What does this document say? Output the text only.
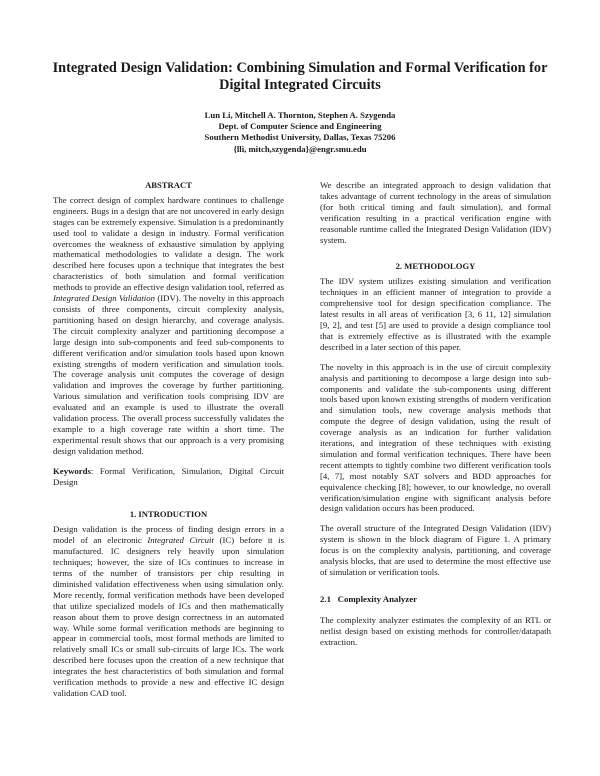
Integrated Design Validation: Combining Simulation and Formal Verification for Digital Integrated Circuits
Lun Li, Mitchell A. Thornton, Stephen A. Szygenda
Dept. of Computer Science and Engineering
Southern Methodist University, Dallas, Texas 75206
{lli, mitch,szygenda}@engr.smu.edu
ABSTRACT

The correct design of complex hardware continues to challenge engineers. Bugs in a design that are not uncovered in early design stages can be extremely expensive. Simulation is a predominantly used tool to validate a design in industry. Formal verification overcomes the weakness of exhaustive simulation by applying mathematical methodologies to validate a design. The work described here focuses upon a technique that integrates the best characteristics of both simulation and formal verification methods to provide an effective design validation tool, referred as Integrated Design Validation (IDV). The novelty in this approach consists of three components, circuit complexity analysis, partitioning based on design hierarchy, and coverage analysis. The circuit complexity analyzer and partitioning decompose a large design into sub-components and feed sub-components to different verification and/or simulation tools based upon known existing strengths of modern verification and simulation tools. The coverage analysis unit computes the coverage of design validation and improves the coverage by further partitioning. Various simulation and verification tools comprising IDV are evaluated and an example is used to illustrate the overall validation process. The overall process successfully validates the example to a high coverage rate within a short time. The experimental result shows that our approach is a very promising design validation method.

Keywords: Formal Verification, Simulation, Digital Circuit Design

1. INTRODUCTION

Design validation is the process of finding design errors in a model of an electronic Integrated Circuit (IC) before it is manufactured. IC designers rely heavily upon simulation techniques; however, the size of ICs continues to increase in terms of the number of transistors per chip resulting in diminished validation effectiveness when using simulation only. More recently, formal verification methods have been developed that utilize specialized models of ICs and then mathematically reason about them to prove design correctness in an automated way. While some formal verification methods are beginning to appear in commercial tools, most formal methods are limited to relatively small ICs or small sub-circuits of large ICs. The work described here focuses upon the creation of a new technique that integrates the best characteristics of both simulation and formal verification methods to provide a new and effective IC design validation CAD tool.

We describe an integrated approach to design validation that takes advantage of current technology in the areas of simulation (for both critical timing and fault simulation), and formal verification resulting in a practical verification engine with reasonable runtime called the Integrated Design Validation (IDV) system.

2. METHODOLOGY

The IDV system utilizes existing simulation and verification techniques in an efficient manner of integration to provide a comprehensive tool for design specification compliance. The latest results in all areas of verification [3, 6 11, 12] simulation [9, 2], and test [5] are used to provide a design compliance tool that is extremely effective as is illustrated with the example described in a later section of this paper.

The novelty in this approach is in the use of circuit complexity analysis and partitioning to decompose a large design into sub-components and validate the sub-components using different tools based upon known existing strengths of modern verification and simulation tools, new coverage analysis methods that compute the degree of design validation, using the result of coverage analysis as an indication for further validation iterations, and integration of these techniques with existing simulation and formal verification techniques. There have been recent attempts to tightly combine two different verification tools [4, 7], most notably SAT solvers and BDD approaches for equivalence checking [8]; however, to our knowledge, no overall verification/simulation engine with significant analysis before design validation occurs has been produced.

The overall structure of the Integrated Design Validation (IDV) system is shown in the block diagram of Figure 1. A primary focus is on the complexity analysis, partitioning, and coverage analysis blocks, that are used to determine the most effective use of simulation or verification tools.

2.1   Complexity Analyzer

The complexity analyzer estimates the complexity of an RTL or netlist design based on existing methods for controller/datapath extraction.
